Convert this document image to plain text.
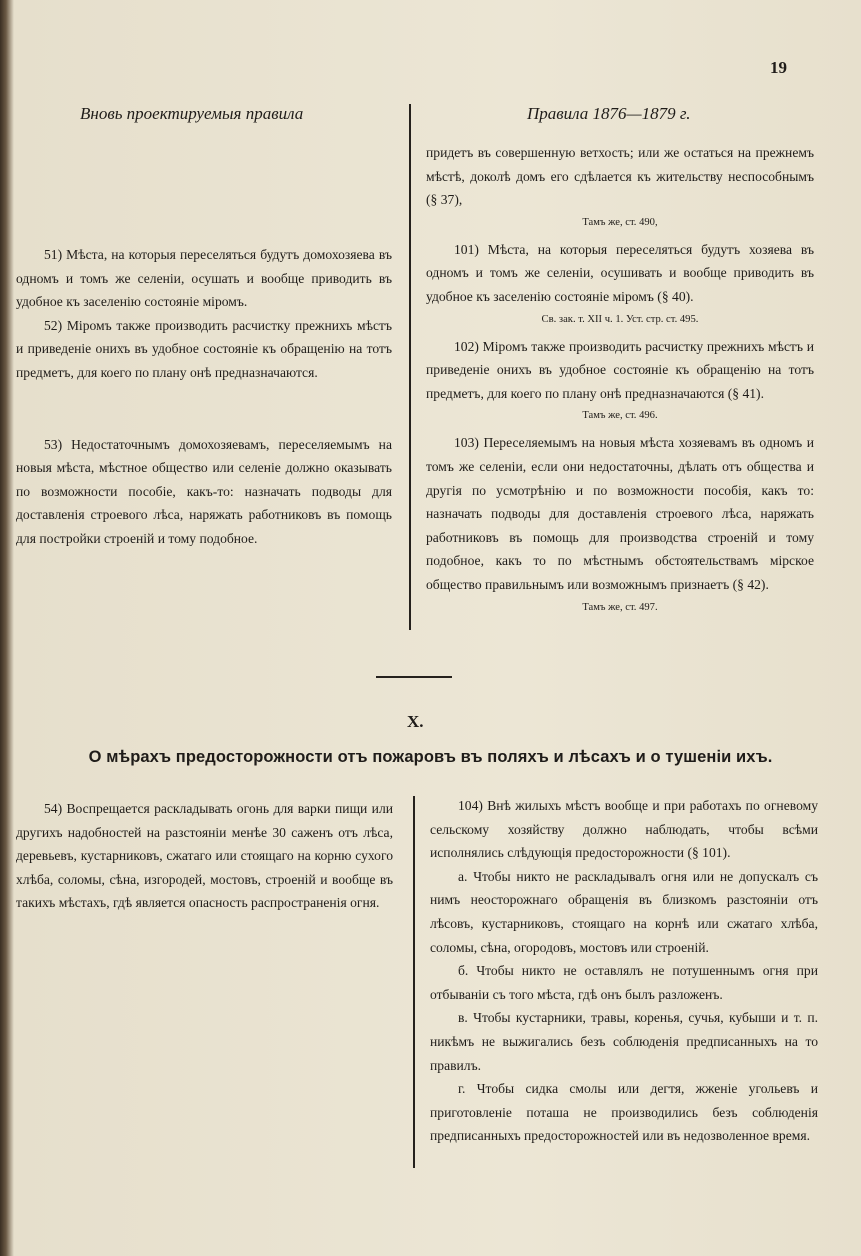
19
Вновь проектируемыя правила	Правила 1876—1879 г.

51) Мѣста, на которыя переселяться будутъ домохозяева въ одномъ и томъ же селеніи, осушать и вообще приводить въ удобное къ заселенію состояніе міромъ.

52) Міромъ также производить расчистку прежнихъ мѣстъ и приведеніе онихъ въ удобное состояніе къ обращенію на тотъ предметъ, для коего по плану онѣ предназначаются.

53) Недостаточнымъ домохозяевамъ, переселяемымъ на новыя мѣста, мѣстное общество или селеніе должно оказывать по возможности пособіе, какъ-то: назначать подводы для доставленія строевого лѣса, наряжать работниковъ въ помощь для постройки строеній и тому подобное.

придетъ въ совершенную ветхость; или же остаться на прежнемъ мѣстѣ, доколѣ домъ его сдѣлается къ жительству неспособнымъ (§ 37),

Тамъ же, ст. 490,

101) Мѣста, на которыя переселяться будутъ хозяева въ одномъ и томъ же селеніи, осушивать и вообще приводить въ удобное къ заселенію состояніе міромъ (§ 40).

Св. зак. т. XII ч. 1. Уст. стр. ст. 495.

102) Міромъ также производить расчистку прежнихъ мѣстъ и приведеніе онихъ въ удобное состояніе къ обращенію на тотъ предметъ, для коего по плану онѣ предназначаются (§ 41).

Тамъ же, ст. 496.

103) Переселяемымъ на новыя мѣста хозяевамъ въ одномъ и томъ же селеніи, если они недостаточны, дѣлать отъ общества и другія по усмотрѣнію и по возможности пособія, какъ то: назначать подводы для доставленія строевого лѣса, наряжать работниковъ въ помощь для производства строеній и тому подобное, какъ то по мѣстнымъ обстоятельствамъ мірское общество правильнымъ или возможнымъ признаетъ (§ 42).

Тамъ же, ст. 497.
X.
О мѣрахъ предосторожности отъ пожаровъ въ поляхъ и лѣсахъ и о тушеніи ихъ.

54) Воспрещается раскладывать огонь для варки пищи или другихъ надобностей на разстояніи менѣе 30 саженъ отъ лѣса, деревьевъ, кустарниковъ, сжатаго или стоящаго на корню сухого хлѣба, соломы, сѣна, изгородей, мостовъ, строеній и вообще въ такихъ мѣстахъ, гдѣ является опасность распространенія огня.

104) Внѣ жилыхъ мѣстъ вообще и при работахъ по огневому сельскому хозяйству должно наблюдать, чтобы всѣми исполнялись слѣдующія предосторожности (§ 101).

а. Чтобы никто не раскладывалъ огня или не допускалъ съ нимъ неосторожнаго обращенія въ близкомъ разстояніи отъ лѣсовъ, кустарниковъ, стоящаго на корнѣ или сжатаго хлѣба, соломы, сѣна, огородовъ, мостовъ или строеній.

б. Чтобы никто не оставлялъ не потушеннымъ огня при отбываніи съ того мѣста, гдѣ онъ былъ разложенъ.

в. Чтобы кустарники, травы, коренья, сучья, кубыши и т. п. никѣмъ не выжигались безъ соблюденія предписанныхъ на то правилъ.

г. Чтобы сидка смолы или дегтя, жженіе угольевъ и приготовленіе поташа не производились безъ соблюденія предписанныхъ предосторожностей или въ недозволенное время.
